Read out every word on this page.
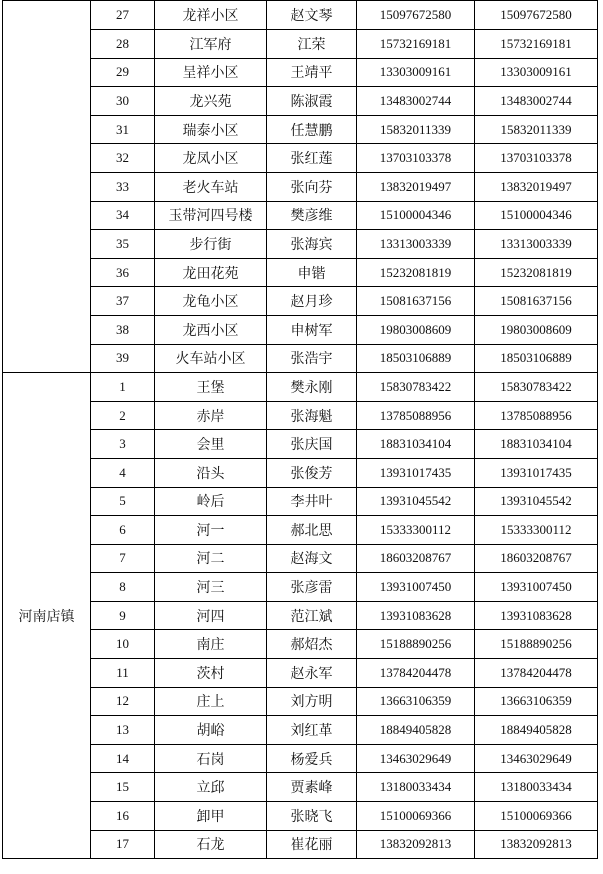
	27	龙祥小区	赵文琴	15097672580	15097672580
	28	江军府	江荣	15732169181	15732169181
	29	呈祥小区	王靖平	13303009161	13303009161
	30	龙兴苑	陈淑霞	13483002744	13483002744
	31	瑞泰小区	任慧鹏	15832011339	15832011339
	32	龙凤小区	张红莲	13703103378	13703103378
	33	老火车站	张向芬	13832019497	13832019497
	34	玉带河四号楼	樊彦维	15100004346	15100004346
	35	步行街	张海宾	13313003339	13313003339
	36	龙田花苑	申锴	15232081819	15232081819
	37	龙龟小区	赵月珍	15081637156	15081637156
	38	龙西小区	申树军	19803008609	19803008609
	39	火车站小区	张浩宇	18503106889	18503106889
河南店镇	1	王堡	樊永刚	15830783422	15830783422
	2	赤岸	张海魁	13785088956	13785088956
	3	会里	张庆国	18831034104	18831034104
	4	沿头	张俊芳	13931017435	13931017435
	5	岭后	李井叶	13931045542	13931045542
	6	河一	郝北思	15333300112	15333300112
	7	河二	赵海文	18603208767	18603208767
	8	河三	张彦雷	13931007450	13931007450
	9	河四	范江斌	13931083628	13931083628
	10	南庄	郝炤杰	15188890256	15188890256
	11	茨村	赵永军	13784204478	13784204478
	12	庄上	刘方明	13663106359	13663106359
	13	胡峪	刘红革	18849405828	18849405828
	14	石岗	杨爱兵	13463029649	13463029649
	15	立邱	贾素峰	13180033434	13180033434
	16	卸甲	张晓飞	15100069366	15100069366
	17	石龙	崔花丽	13832092813	13832092813
